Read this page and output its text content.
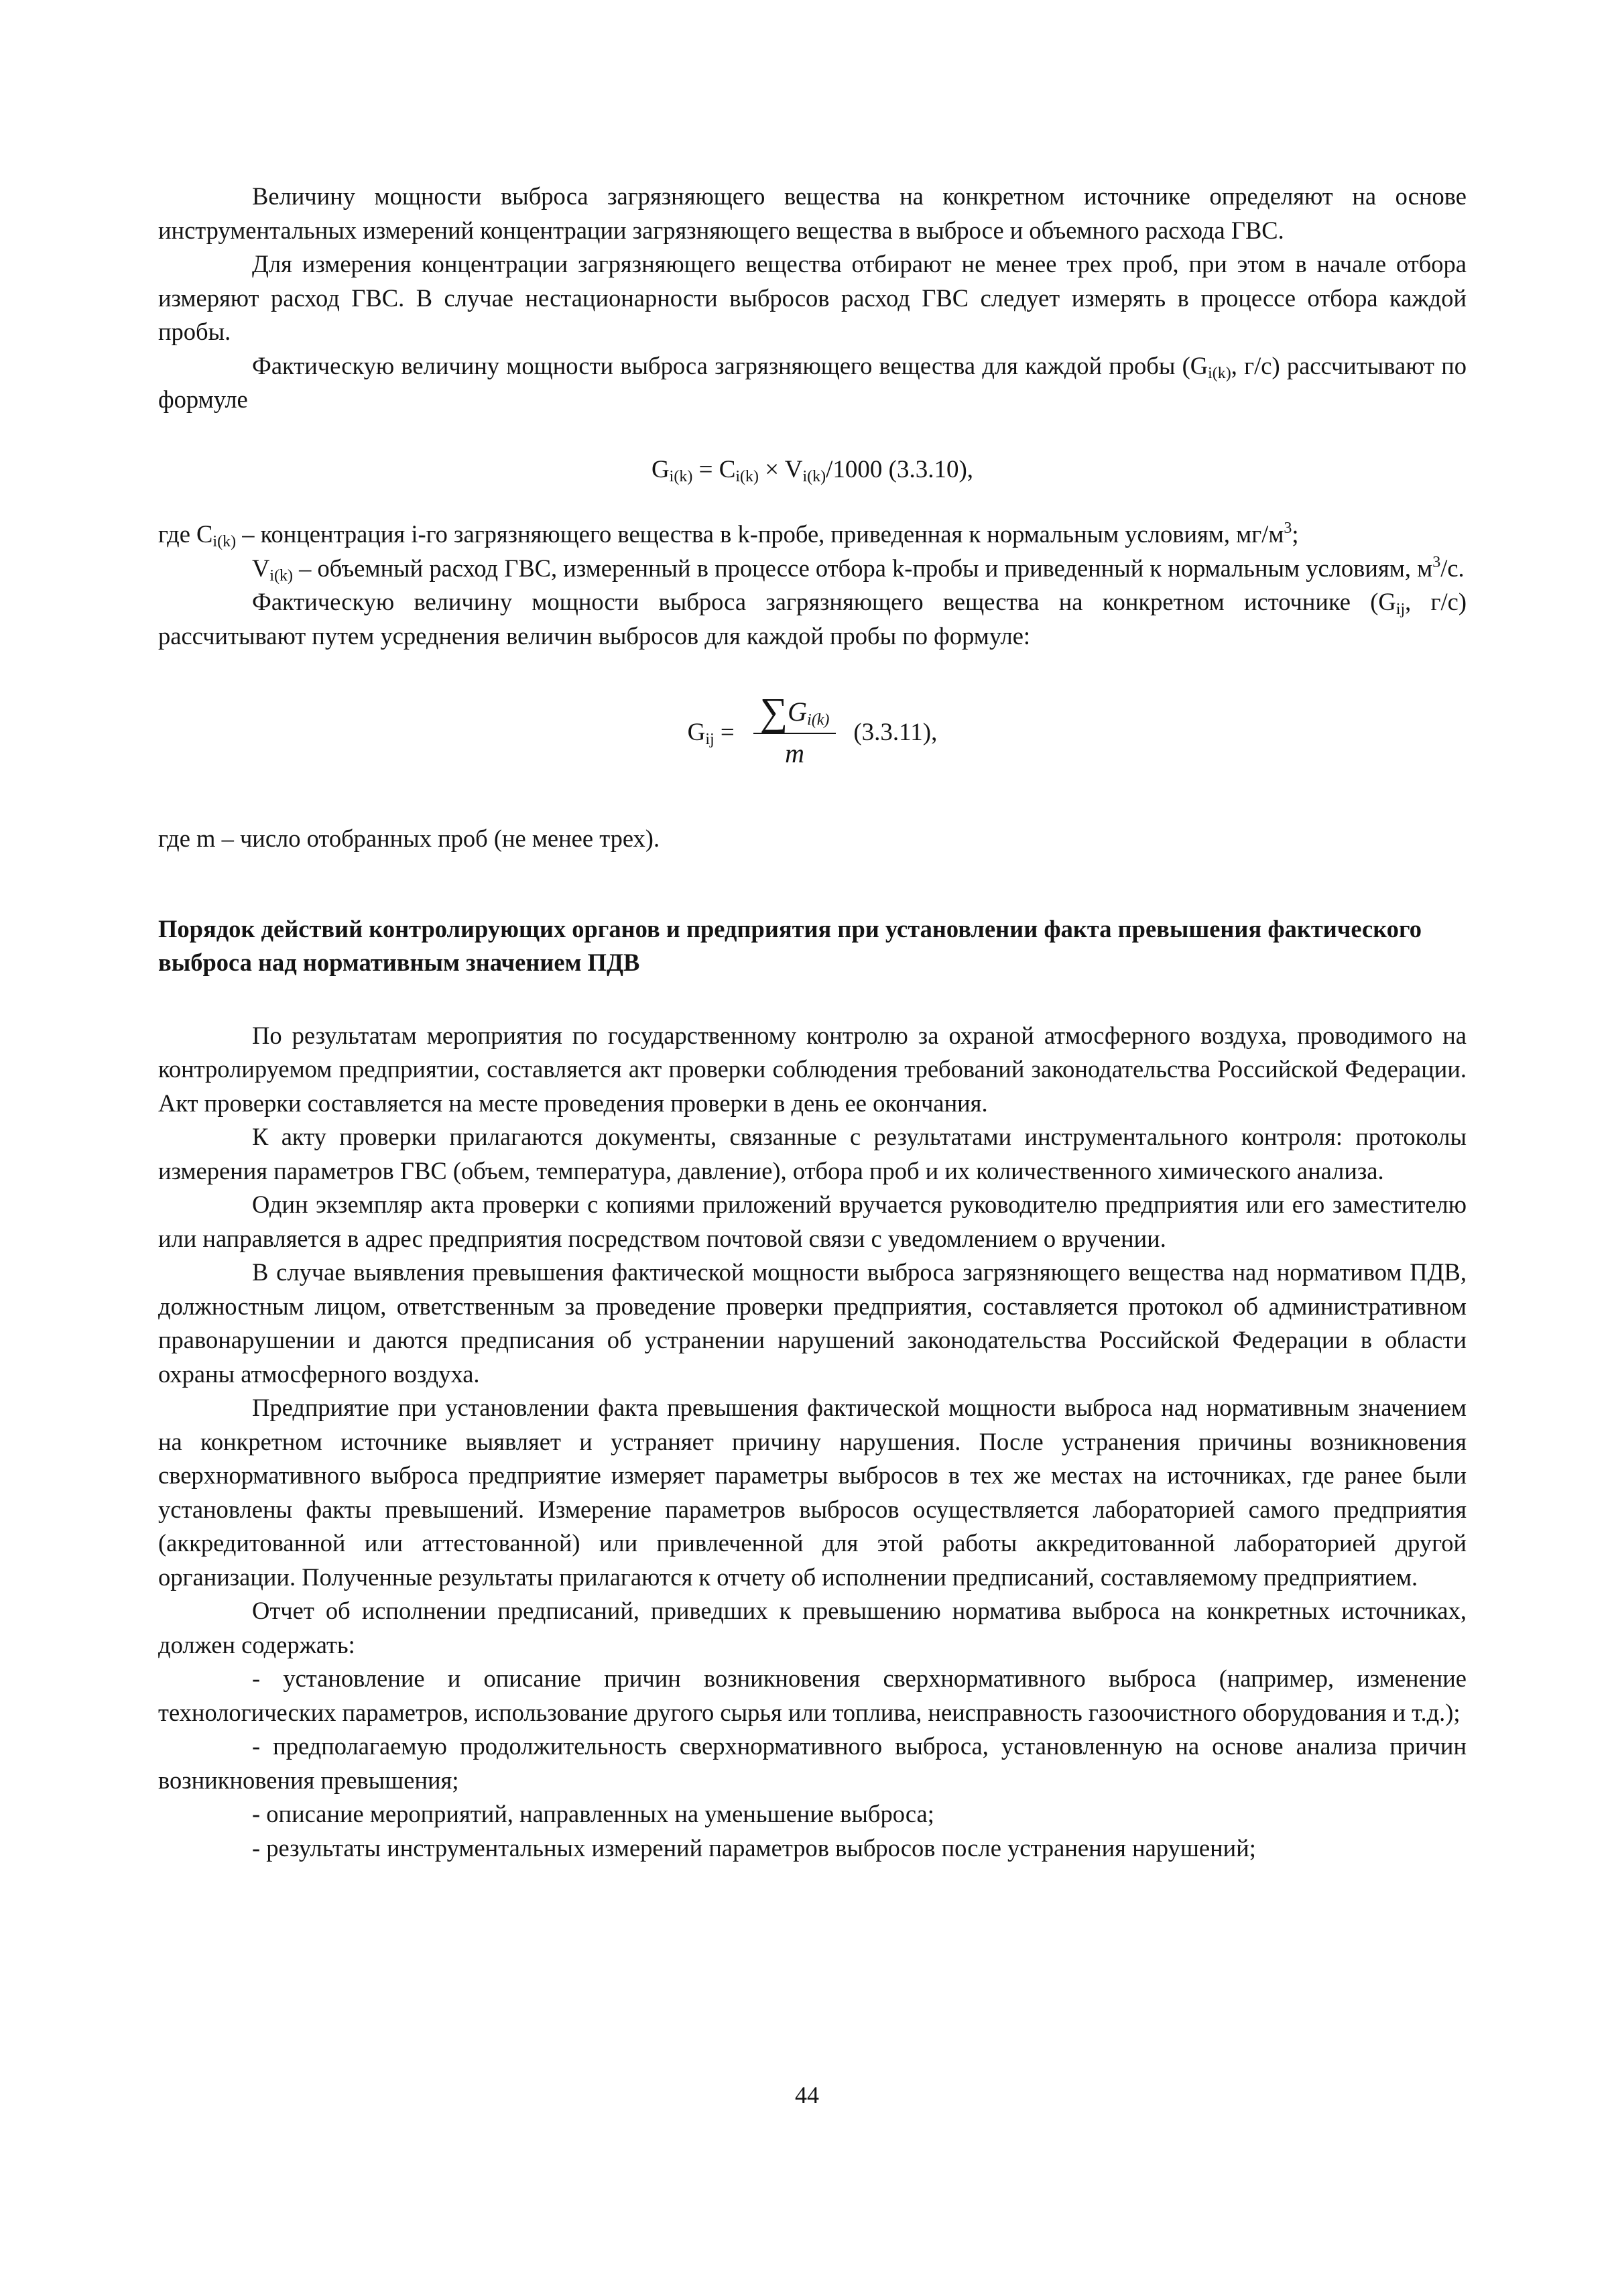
Величину мощности выброса загрязняющего вещества на конкретном источнике определяют на основе инструментальных измерений концентрации загрязняющего вещества в выбросе и объемного расхода ГВС.

Для измерения концентрации загрязняющего вещества отбирают не менее трех проб, при этом в начале отбора измеряют расход ГВС. В случае нестационарности выбросов расход ГВС следует измерять в процессе отбора каждой пробы.

Фактическую величину мощности выброса загрязняющего вещества для каждой пробы ($G_{i(k)}$, г/с) рассчитывают по формуле

$G_{i(k)} = C_{i(k)} \times V_{i(k)}/1000$ (3.3.10),

где $C_{i(k)}$ – концентрация i-го загрязняющего вещества в k-пробе, приведенная к нормальным условиям, $мг/м^3$;

$V_{i(k)}$ – объемный расход ГВС, измеренный в процессе отбора k-пробы и приведенный к нормальным условиям, $м^3/с$.

Фактическую величину мощности выброса загрязняющего вещества на конкретном источнике ($G_{ij}$, г/с) рассчитывают путем усреднения величин выбросов для каждой пробы по формуле:

$G_{ij} = \frac{\sum G_{i(k)}}{m} (3.3.11)$,

где m – число отобранных проб (не менее трех).

Порядок действий контролирующих органов и предприятия при установлении факта превышения фактического выброса над нормативным значением ПДВ

По результатам мероприятия по государственному контролю за охраной атмосферного воздуха, проводимого на контролируемом предприятии, составляется акт проверки соблюдения требований законодательства Российской Федерации. Акт проверки составляется на месте проведения проверки в день ее окончания.

К акту проверки прилагаются документы, связанные с результатами инструментального контроля: протоколы измерения параметров ГВС (объем, температура, давление), отбора проб и их количественного химического анализа.

Один экземпляр акта проверки с копиями приложений вручается руководителю предприятия или его заместителю или направляется в адрес предприятия посредством почтовой связи с уведомлением о вручении.

В случае выявления превышения фактической мощности выброса загрязняющего вещества над нормативом ПДВ, должностным лицом, ответственным за проведение проверки предприятия, составляется протокол об административном правонарушении и даются предписания об устранении нарушений законодательства Российской Федерации в области охраны атмосферного воздуха.

Предприятие при установлении факта превышения фактической мощности выброса над нормативным значением на конкретном источнике выявляет и устраняет причину нарушения. После устранения причины возникновения сверхнормативного выброса предприятие измеряет параметры выбросов в тех же местах на источниках, где ранее были установлены факты превышений. Измерение параметров выбросов осуществляется лабораторией самого предприятия (аккредитованной или аттестованной) или привлеченной для этой работы аккредитованной лабораторией другой организации. Полученные результаты прилагаются к отчету об исполнении предписаний, составляемому предприятием.

Отчет об исполнении предписаний, приведших к превышению норматива выброса на конкретных источниках, должен содержать:

- установление и описание причин возникновения сверхнормативного выброса (например, изменение технологических параметров, использование другого сырья или топлива, неисправность газоочистного оборудования и т.д.);

- предполагаемую продолжительность сверхнормативного выброса, установленную на основе анализа причин возникновения превышения;

- описание мероприятий, направленных на уменьшение выброса;

- результаты инструментальных измерений параметров выбросов после устранения нарушений;

44
